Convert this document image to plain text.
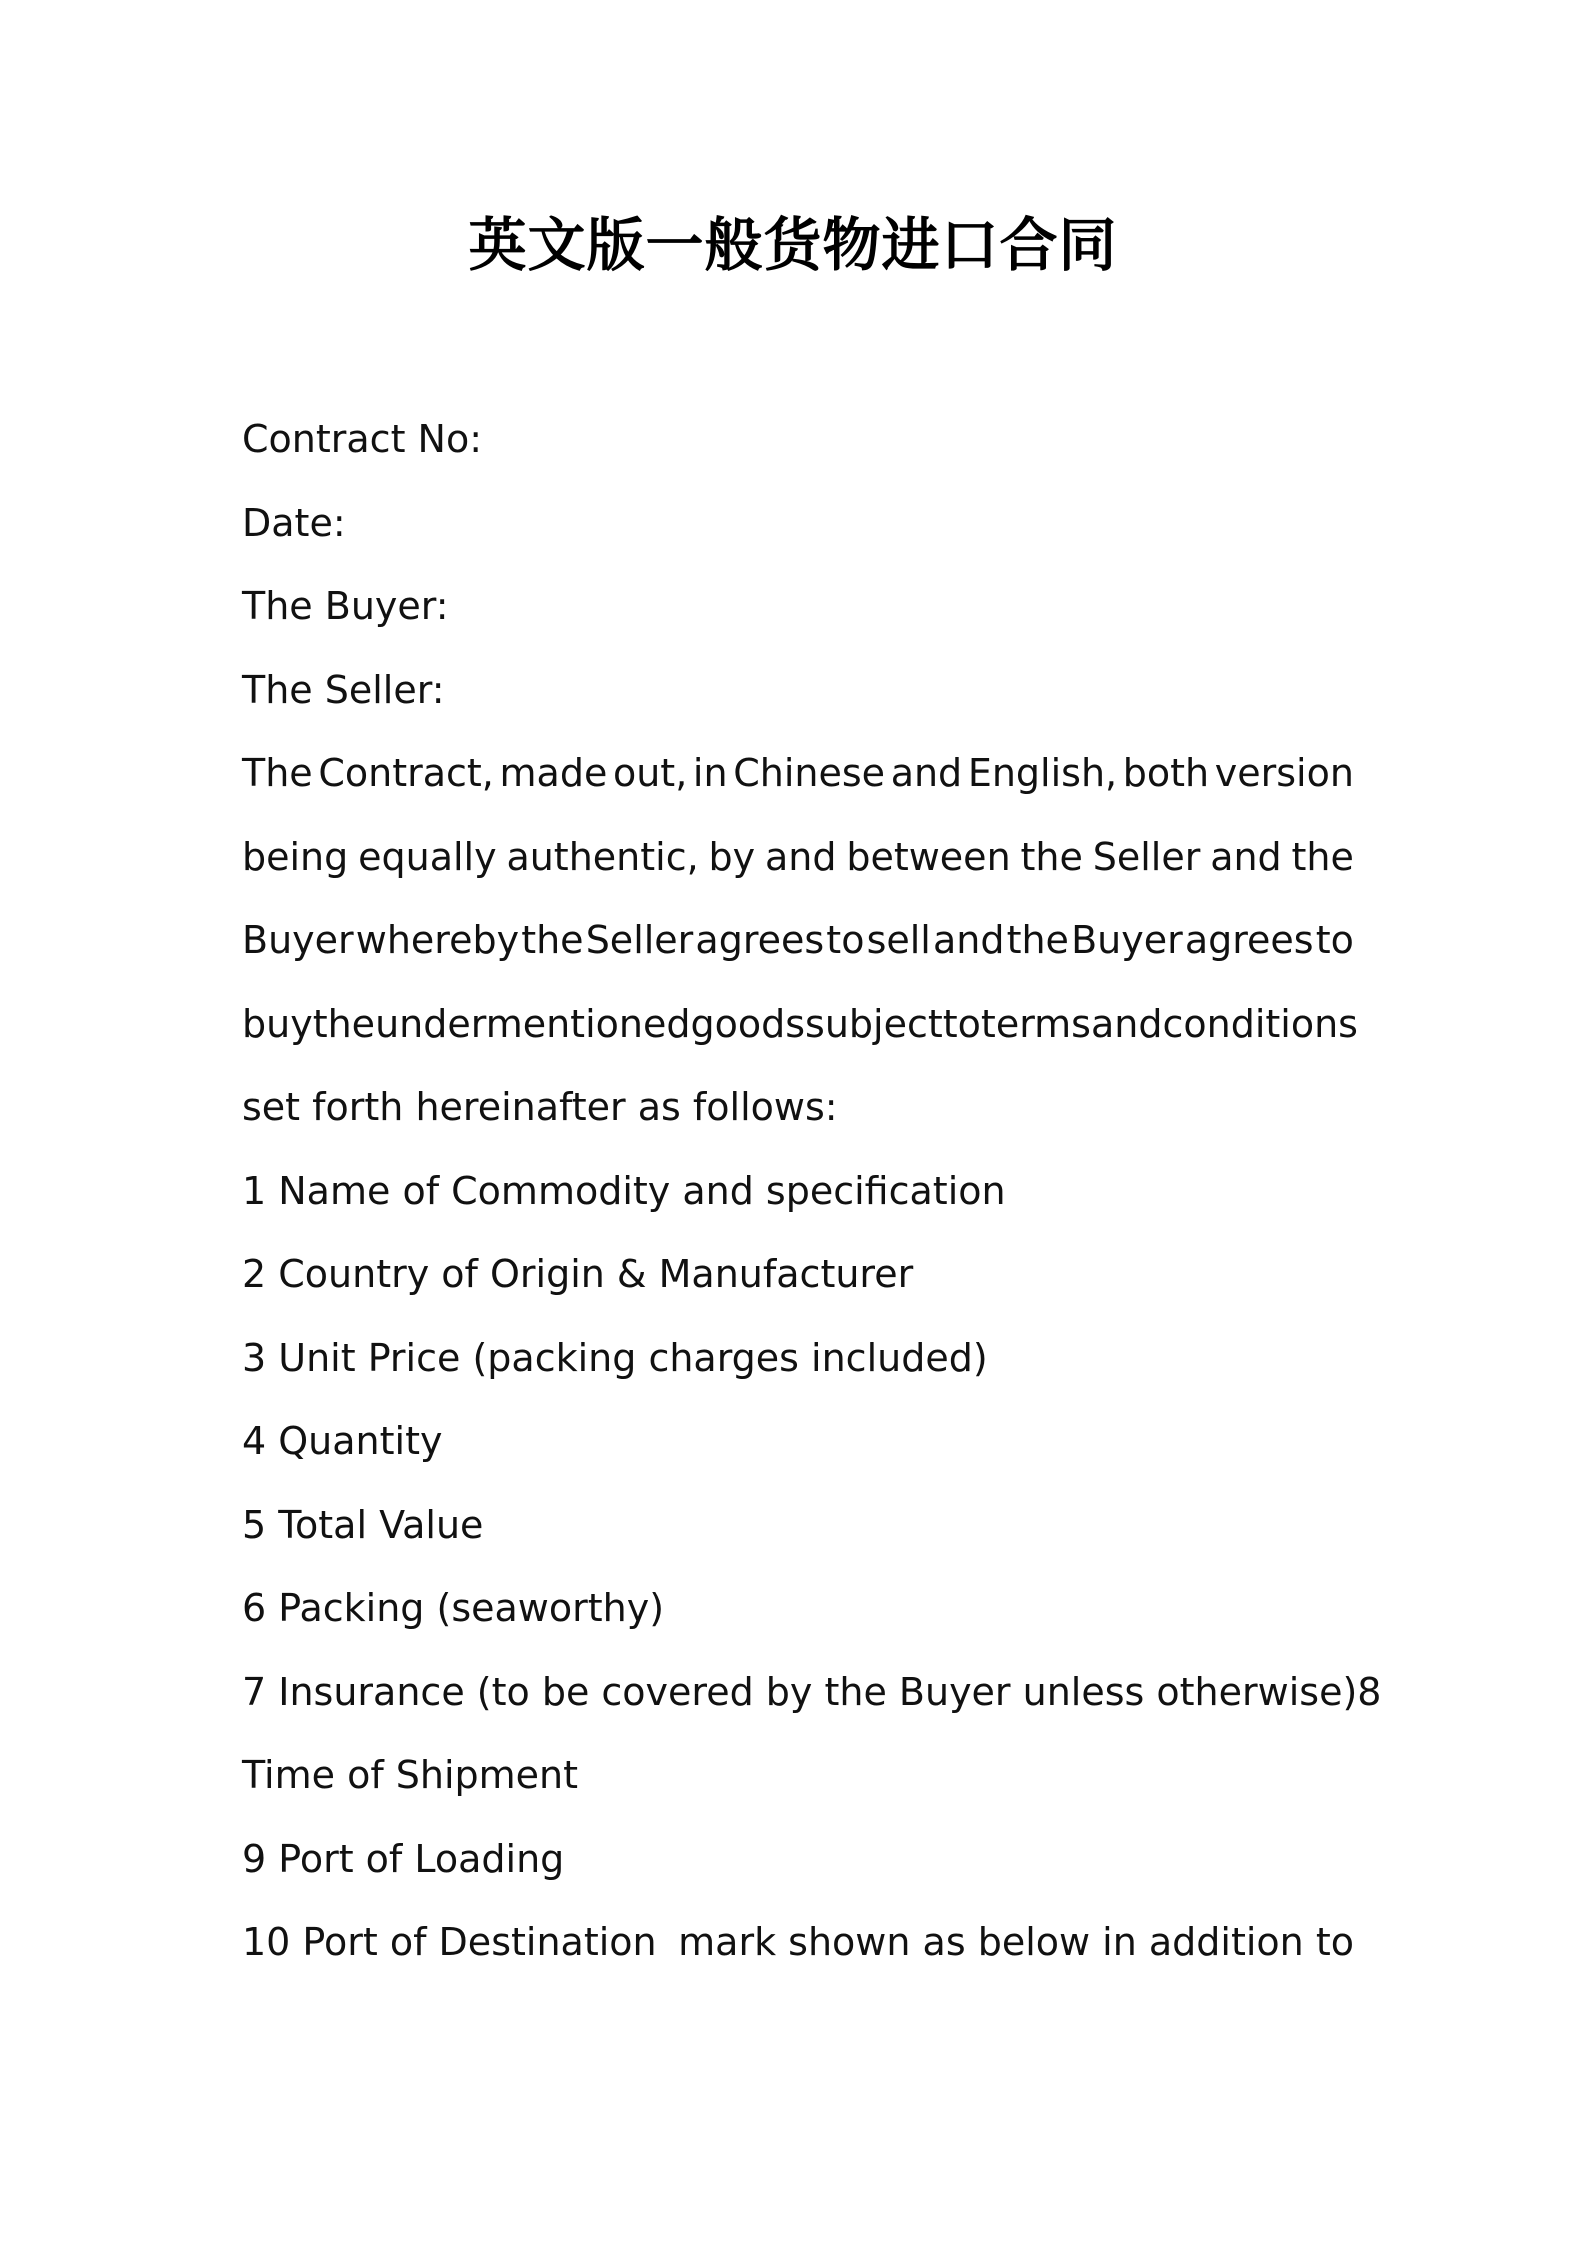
英文版一般货物进口合同
Contract No:
Date:
The Buyer:
The Seller:
The Contract, made out, in Chinese and English, both version
being equally authentic, by and between the Seller and the
Buyer whereby the Seller agrees to sell and the Buyer agrees to
buy the undermentioned goods subject to terms and conditions
set forth hereinafter as follows:
1 Name of Commodity and specification
2 Country of Origin & Manufacturer
3 Unit Price (packing charges included)
4 Quantity
5 Total Value
6 Packing (seaworthy)
7 Insurance (to be covered by the Buyer unless otherwise) 8
Time of Shipment
9 Port of Loading
10 Port of Destination mark shown as below in addition to
